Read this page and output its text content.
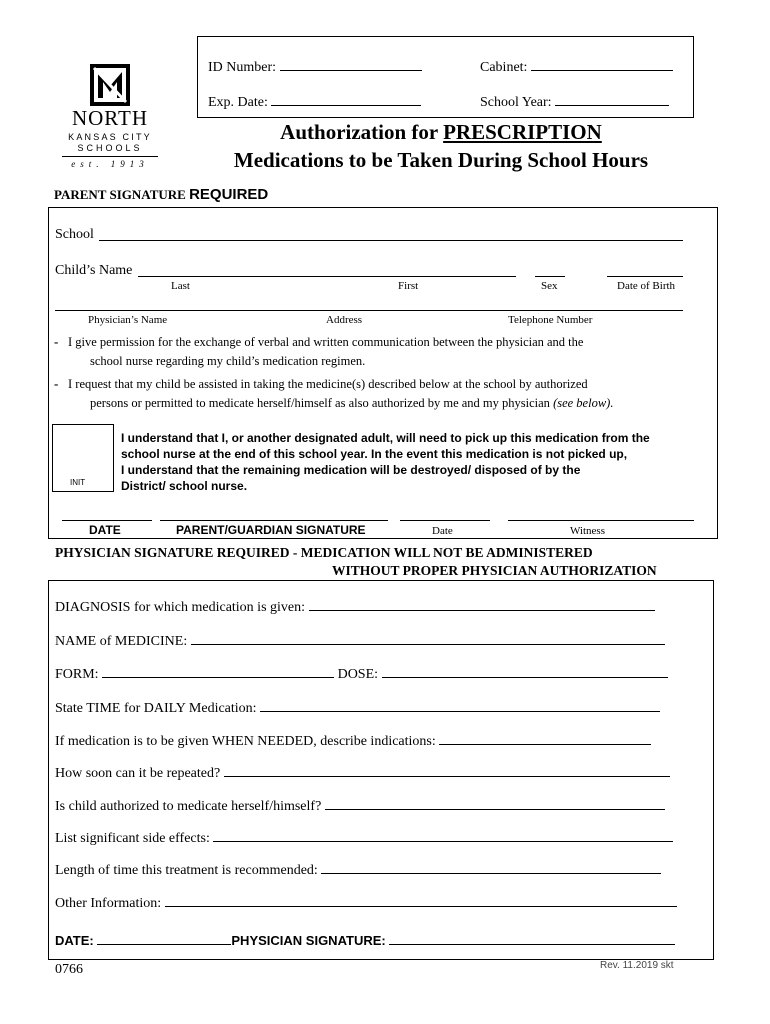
ID Number:	Cabinet:
Exp. Date:	School Year:
NORTH
KANSAS CITY
SCHOOLS
est. 1913
Authorization for PRESCRIPTION
Medications to be Taken During School Hours
PARENT SIGNATURE REQUIRED
School
Child’s Name
Last	First	Sex	Date of Birth
Physician’s Name	Address	Telephone Number
- I give permission for the exchange of verbal and written communication between the physician and the
school nurse regarding my child’s medication regimen.
- I request that my child be assisted in taking the medicine(s) described below at the school by authorized
persons or permitted to medicate herself/himself as also authorized by me and my physician (see below).
INIT
I understand that I, or another designated adult, will need to pick up this medication from the
school nurse at the end of this school year. In the event this medication is not picked up,
I understand that the remaining medication will be destroyed/ disposed of by the
District/ school nurse.
DATE	PARENT/GUARDIAN SIGNATURE	Date	Witness
PHYSICIAN SIGNATURE REQUIRED - MEDICATION WILL NOT BE ADMINISTERED
WITHOUT PROPER PHYSICIAN AUTHORIZATION
DIAGNOSIS for which medication is given:
NAME of MEDICINE:
FORM:	DOSE:
State TIME for DAILY Medication:
If medication is to be given WHEN NEEDED, describe indications:
How soon can it be repeated?
Is child authorized to medicate herself/himself?
List significant side effects:
Length of time this treatment is recommended:
Other Information:
DATE:	PHYSICIAN SIGNATURE:
0766	Rev. 11.2019 skt
